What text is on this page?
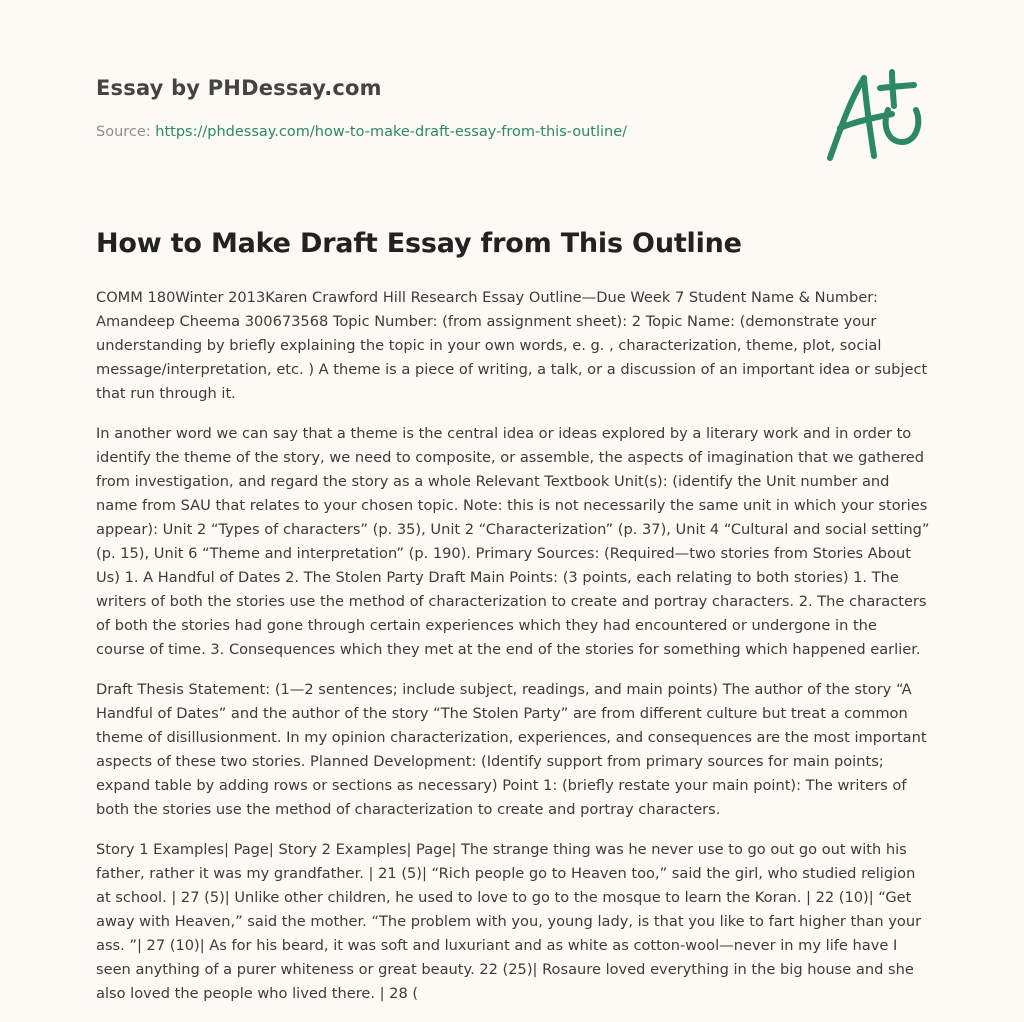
Essay by PHDessay.com
Source: https://phdessay.com/how-to-make-draft-essay-from-this-outline/
How to Make Draft Essay from This Outline

COMM 180Winter 2013Karen Crawford Hill Research Essay Outline—Due Week 7 Student Name & Number: Amandeep Cheema 300673568 Topic Number: (from assignment sheet): 2 Topic Name: (demonstrate your understanding by briefly explaining the topic in your own words, e. g. , characterization, theme, plot, social message/interpretation, etc. ) A theme is a piece of writing, a talk, or a discussion of an important idea or subject that run through it.

In another word we can say that a theme is the central idea or ideas explored by a literary work and in order to identify the theme of the story, we need to composite, or assemble, the aspects of imagination that we gathered from investigation, and regard the story as a whole Relevant Textbook Unit(s): (identify the Unit number and name from SAU that relates to your chosen topic. Note: this is not necessarily the same unit in which your stories appear): Unit 2 “Types of characters” (p. 35), Unit 2 “Characterization” (p. 37), Unit 4 “Cultural and social setting” (p. 15), Unit 6 “Theme and interpretation” (p. 190). Primary Sources: (Required—two stories from Stories About Us) 1. A Handful of Dates 2. The Stolen Party Draft Main Points: (3 points, each relating to both stories) 1. The writers of both the stories use the method of characterization to create and portray characters. 2. The characters of both the stories had gone through certain experiences which they had encountered or undergone in the course of time. 3. Consequences which they met at the end of the stories for something which happened earlier.

Draft Thesis Statement: (1—2 sentences; include subject, readings, and main points) The author of the story “A Handful of Dates” and the author of the story “The Stolen Party” are from different culture but treat a common theme of disillusionment. In my opinion characterization, experiences, and consequences are the most important aspects of these two stories. Planned Development: (Identify support from primary sources for main points; expand table by adding rows or sections as necessary) Point 1: (briefly restate your main point): The writers of both the stories use the method of characterization to create and portray characters.

Story 1 Examples| Page| Story 2 Examples| Page| The strange thing was he never use to go out go out with his father, rather it was my grandfather. | 21 (5)| “Rich people go to Heaven too,” said the girl, who studied religion at school. | 27 (5)| Unlike other children, he used to love to go to the mosque to learn the Koran. | 22 (10)| “Get away with Heaven,” said the mother. “The problem with you, young lady, is that you like to fart higher than your ass. ”| 27 (10)| As for his beard, it was soft and luxuriant and as white as cotton-wool—never in my life have I seen anything of a purer whiteness or great beauty. 22 (25)| Rosaure loved everything in the big house and she also loved the people who lived there. | 28 (
